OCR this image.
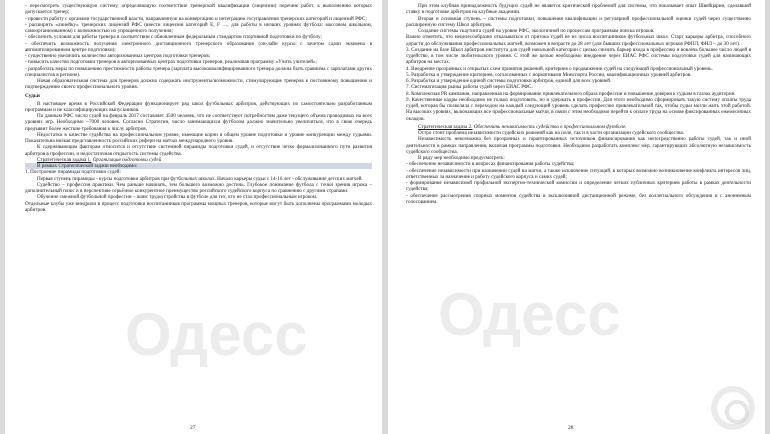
Одесс

- пересмотреть существующую систему, определяющую соответствие тренерской квалификации (лицензии) перечню работ, к выполнению которых допускается тренер;

- провести работу с органами государственной власти, направленную на конвертацию и интеграцию госуправления тренерских категорий и лицензий РФС;

- расширить «линейку» тренерских лицензий РФС (ввести лицензии категорий Е, F …, для работы в низших уровнях футбола: массовом школьном, самоорганизованном) с возможностью их упрощенного получения;

- обеспечить условия для работы тренера в соответствии с обновленным федеральным стандартом спортивной подготовки по футболу;

- обеспечить возможность получения электронного дистанционного тренерского образования (он-лайн курсы с зачетом сдачи экзамена в автоматизированном центре подготовки);

- существенно увеличить количество авторизованных центров подготовки тренеров;

- повысить качество подготовки тренеров в авторизованных центрах подготовки тренеров, реализовав программу «Учить учителей»;

- разработать меры по повышению престижности работы тренера (зарплата высококвалифицированного тренера должна быть сравнима с зарплатами других специалистов в регионе).

Новая образовательная система для тренеров должна содержать инструменты/возможности, стимулирующие тренеров к постоянному повышению и подтверждению своего профессионального уровня.

Судьи

В настоящее время в Российской Федерации функционирует ряд школ футбольных арбитров, действующих по самостоятельно разработанным программам и не классифицирующих выпускников.

По данным РФС число судей на февраль 2017 составляет 4500 человек, что не соответствует потребностям даже текущего объема проводимых на всех уровнях игр. Необходимо ~7000 человек. Согласно Стратегии, число занимающихся футболом должно значительно увеличиться, что в свою очередь предъявит более жесткие требования к числу арбитров.

Недостатки в качестве судейства на профессиональном уровне, имеющие корни в общем уровне подготовки и уровне конкуренции между судьями. Показательна низкая представленность российских рефери на матчах международного уровня.

К сдерживающим факторам относится и отсутствие системной пирамиды подготовки судей, и отсутствие четко формализованного пути развития арбитров в профессии, и недостаточная открытость системы судейства.

Стратегическая задача 1. Организация подготовки судей

В рамках Стратегической задачи необходимо:

1. Построение пирамиды подготовки судей:

Первая ступень пирамиды - курсы подготовки арбитров при футбольных школах. Начало карьеры судьи с 14-16 лет - обслуживание детских матчей.

Судейство – профессия практики. Чем раньше начинать, тем большего возможно достичь. Глубокое понимание футбола с точки зрения игрока – дополнительный плюс и в перспективе серьёзное конкурентное преимущество российского судейского корпуса по сравнению с другими странами.

Обучение смежной футбольной профессии – шанс трудоустройства в футболе для тех, кто не стал профессиональным игроком.

Отдельные клубы уже внедрили в процесс подготовки воспитанников программы мощных тренеров, которые могут быть дополнены программами молодых арбитров.

27
Одесс

При этом клубная принадлежность будущих судей не является критической проблемой для системы, что показывает опыт Швейцарии, сделавшей ставку в подготовке арбитров на клубные академии.

Вторая и основная ступень – системы подготовки, повышения квалификации и регулярной профессиональной оценки судей через существенно расширенную систему Школ арбитров.

Создание системы скаутинга судей на уровне РФС, экологичной по процессам программам поиска игроков.

Важно отметить, что нецелесообразно отказываться от притока судей не из числа воспитанников футбольных школ. Старт карьеры арбитра, способного дорасти до обслуживания профессиональных матчей, возможен в возрасте до 28 лет (для бывших профессиональных игроков РФПЛ, ФНЛ – до 30 лет).

3. Создание на базе Школ арбитров института для судей начальной категории с целью снизить барьер входа в профессию и вовлечь большее число людей в судейство, в том числе любительского уровня. С этой же целью необходимо внедрение через ЕИАС РФС системы подготовки судей для начинающих арбитров на местах.

4. Внедрение прозрачных и открытых схем принятия решений, критериев о продвижении судей на следующий профессиональный уровень.

5. Разработка и утверждение критериев, согласованных с нормативами Минспорта России, квалификационных уровней арбитров.

6. Разработка и утверждение единой системы подготовки арбитров, единой для всех уровней.

7. Систематизация рынка работы судей через ЕИАС РФС.

8. Комплексная PR кампания, направленная на формирование привлекательного образа профессии и повышение доверия к судьям в глазах аудитории.

9. Качественные кадры необходимо не только подготовить, но и удержать в профессии. Для этого необходимо сформировать такую систему оплаты труда судей, которая бы позволяла с переходом на каждый следующий уровень сделать профессию привлекательной так, чтобы судьи могли жить этой работой. На высоких уровнях, включающих все профессиональные матчи, в связи с этим необходимо перейти к оплате труда на основе фиксированных ежемесячных окладов.

Стратегическая задача 2. Обеспечить независимость судейства в профессиональном футболе.

Остро стоит проблема независимости судейских решений как на поле, так и в части организации судейского сообщества.

Независимость невозможна без прозрачных и гарантированных источников финансирования как непосредственно работы судей, так и иной деятельности в рамках направления, включая программы подготовки. Необходимо разработать комплекс мер, гарантирующих абсолютную независимость судейского сообщества.

В ряду мер необходимо предусмотреть:

- обеспечение независимости в вопросах финансирования работы судейства;

- обеспечение независимости при назначении судей на матчи, а также исключение ситуаций, в которых возможно возникновение конфликта интересов лиц, ответственных за назначение и работу судейского корпуса и самих судей;

- формирование независимой профильной экспертно-технической комиссии и определение четких публичных критериев работы в рамках деятельности судейства;

- обеспечение рассмотрения спорных моментов судейства в эксклюзивной дистанционной режиме, без коллегиального обсуждения и с анонимным голосованием.

28
